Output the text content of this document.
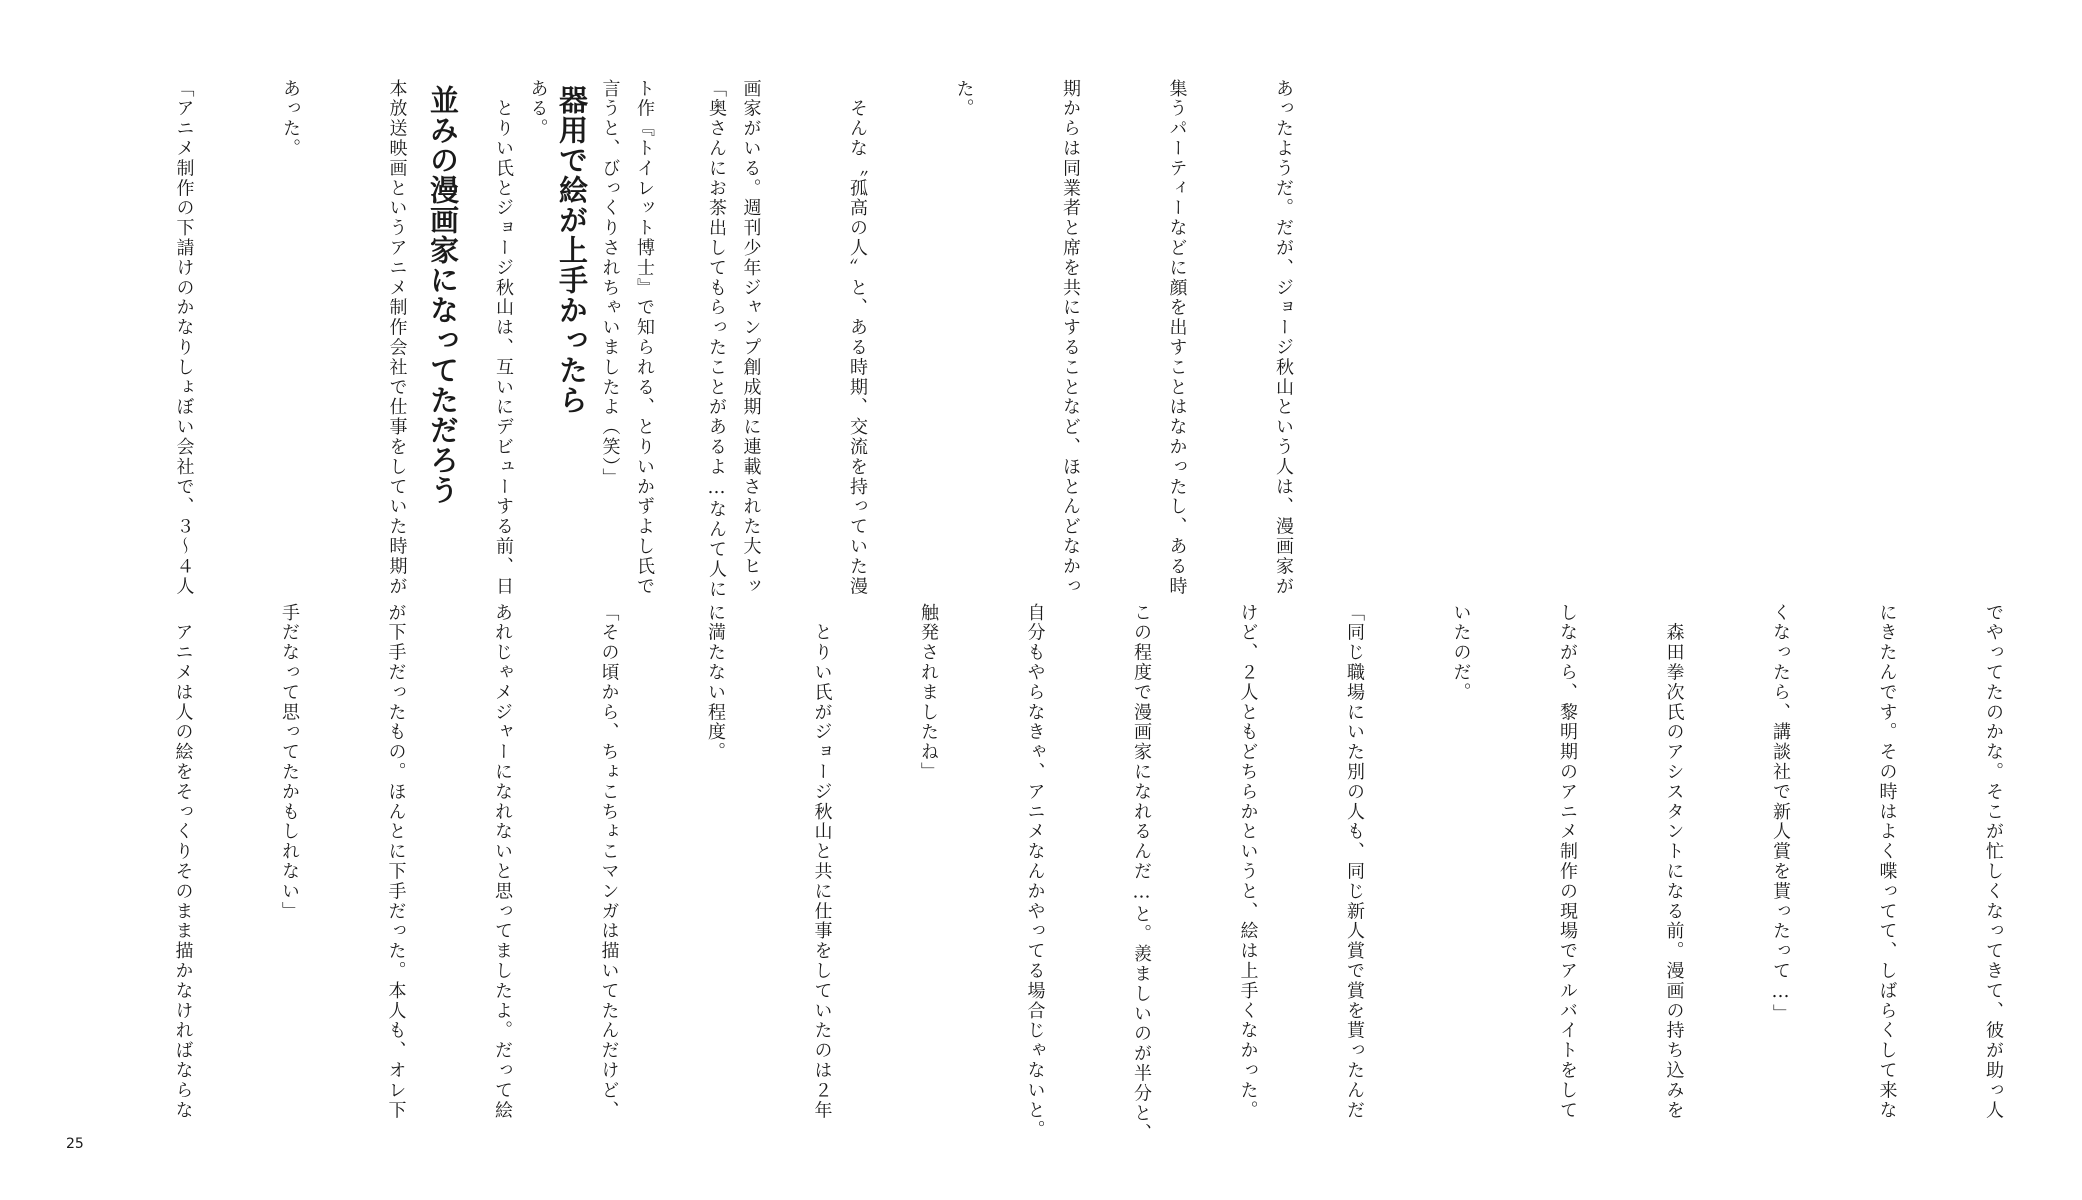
あったようだ。だが、ジョージ秋山という人は、漫画家が

集うパーティーなどに顔を出すことはなかったし、ある時

期からは同業者と席を共にすることなど、ほとんどなかっ

た。

　そんな〝孤高の人〟と、ある時期、交流を持っていた漫

画家がいる。週刊少年ジャンプ創成期に連載された大ヒッ

ト作『トイレット博士』で知られる、とりいかずよし氏で

ある。

器用で絵が上手かったら

並みの漫画家になってただろう

	「奥さんにお茶出してもらったことがあるよ…なんて人に

言うと、びっくりされちゃいましたよ（笑）」

　とりい氏とジョージ秋山は、互いにデビューする前、日

本放送映画というアニメ制作会社で仕事をしていた時期が

あった。

「アニメ制作の下請けのかなりしょぼい会社で、３〜４人

でやってたのかな。そこが忙しくなってきて、彼が助っ人

にきたんです。その時はよく喋ってて、しばらくして来な

くなったら、講談社で新人賞を貰ったって…」

　森田拳次氏のアシスタントになる前。漫画の持ち込みを

しながら、黎明期のアニメ制作の現場でアルバイトをして

いたのだ。

「同じ職場にいた別の人も、同じ新人賞で賞を貰ったんだ

けど、２人ともどちらかというと、絵は上手くなかった。

この程度で漫画家になれるんだ…と。羨ましいのが半分と、

自分もやらなきゃ、アニメなんかやってる場合じゃないと。

触発されましたね」

　とりい氏がジョージ秋山と共に仕事をしていたのは２年

に満たない程度。

「その頃から、ちょこちょこマンガは描いてたんだけど、

あれじゃメジャーになれないと思ってましたよ。だって絵

が下手だったもの。ほんとに下手だった。本人も、オレ下

手だなって思ってたかもしれない」

　アニメは人の絵をそっくりそのまま描かなければならな

25
